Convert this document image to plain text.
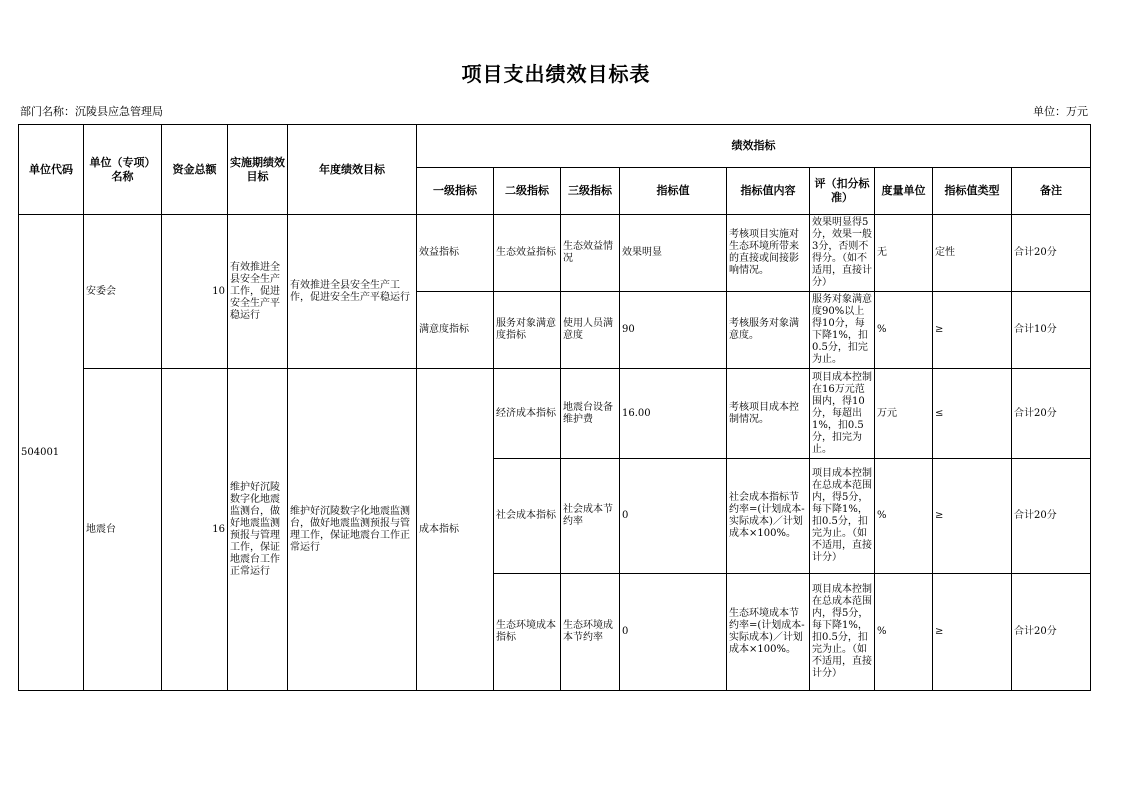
项目支出绩效目标表
部门名称：沉陵县应急管理局	单位：万元
单位代码	单位（专项）名称	资金总额	实施期绩效目标	年度绩效目标	绩效指标								
					一级指标	二级指标	三级指标	指标值	指标值内容	评（扣分标准）	度量单位	指标值类型	备注
504001	安委会	10	有效推进全县安全生产工作，促进安全生产平稳运行	有效推进全县安全生产工作，促进安全生产平稳运行	效益指标	生态效益指标	生态效益情况	效果明显	考核项目实施对生态环境所带来的直接或间接影响情况。	效果明显得5分，效果一般3分，否则不得分。（如不适用，直接计分）	无	定性	合计20分
					满意度指标	服务对象满意度指标	使用人员满意度	90	考核服务对象满意度。	服务对象满意度90%以上得10分，每下降1%，扣0.5分，扣完为止。	%	≥	合计10分
	地震台	16	维护好沉陵数字化地震监测台，做好地震监测预报与管理工作，保证地震台工作正常运行	维护好沉陵数字化地震监测台，做好地震监测预报与管理工作，保证地震台工作正常运行	成本指标	经济成本指标	地震台设备维护费	16.00	考核项目成本控制情况。	项目成本控制在16万元范围内，得10分，每超出1%，扣0.5分，扣完为止。	万元	≤	合计20分
						社会成本指标	社会成本节约率	0	社会成本指标节约率=(计划成本-实际成本)／计划成本×100%。	项目成本控制在总成本范围内，得5分，每下降1%，扣0.5分，扣完为止。（如不适用，直接计分）	%	≥	合计20分
						生态环境成本指标	生态环境成本节约率	0	生态环境成本节约率=(计划成本-实际成本)／计划成本×100%。	项目成本控制在总成本范围内，得5分，每下降1%，扣0.5分，扣完为止。（如不适用，直接计分）	%	≥	合计20分
